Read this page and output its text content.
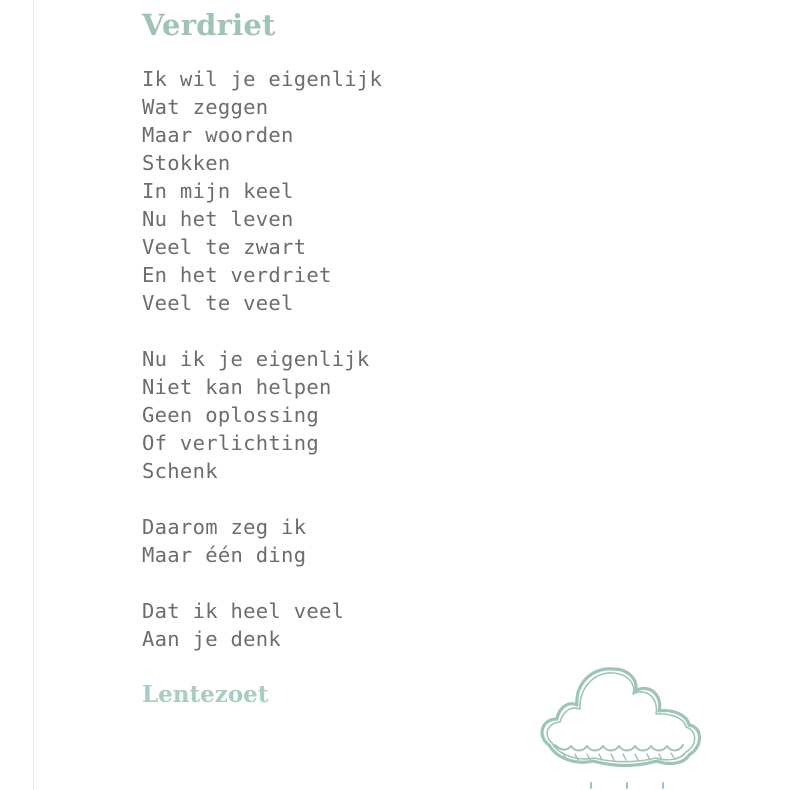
Verdriet
Ik wil je eigenlijk
Wat zeggen
Maar woorden
Stokken
In mijn keel
Nu het leven
Veel te zwart
En het verdriet
Veel te veel
Nu ik je eigenlijk
Niet kan helpen
Geen oplossing
Of verlichting
Schenk
Daarom zeg ik
Maar één ding
Dat ik heel veel
Aan je denk

Lentezoet
